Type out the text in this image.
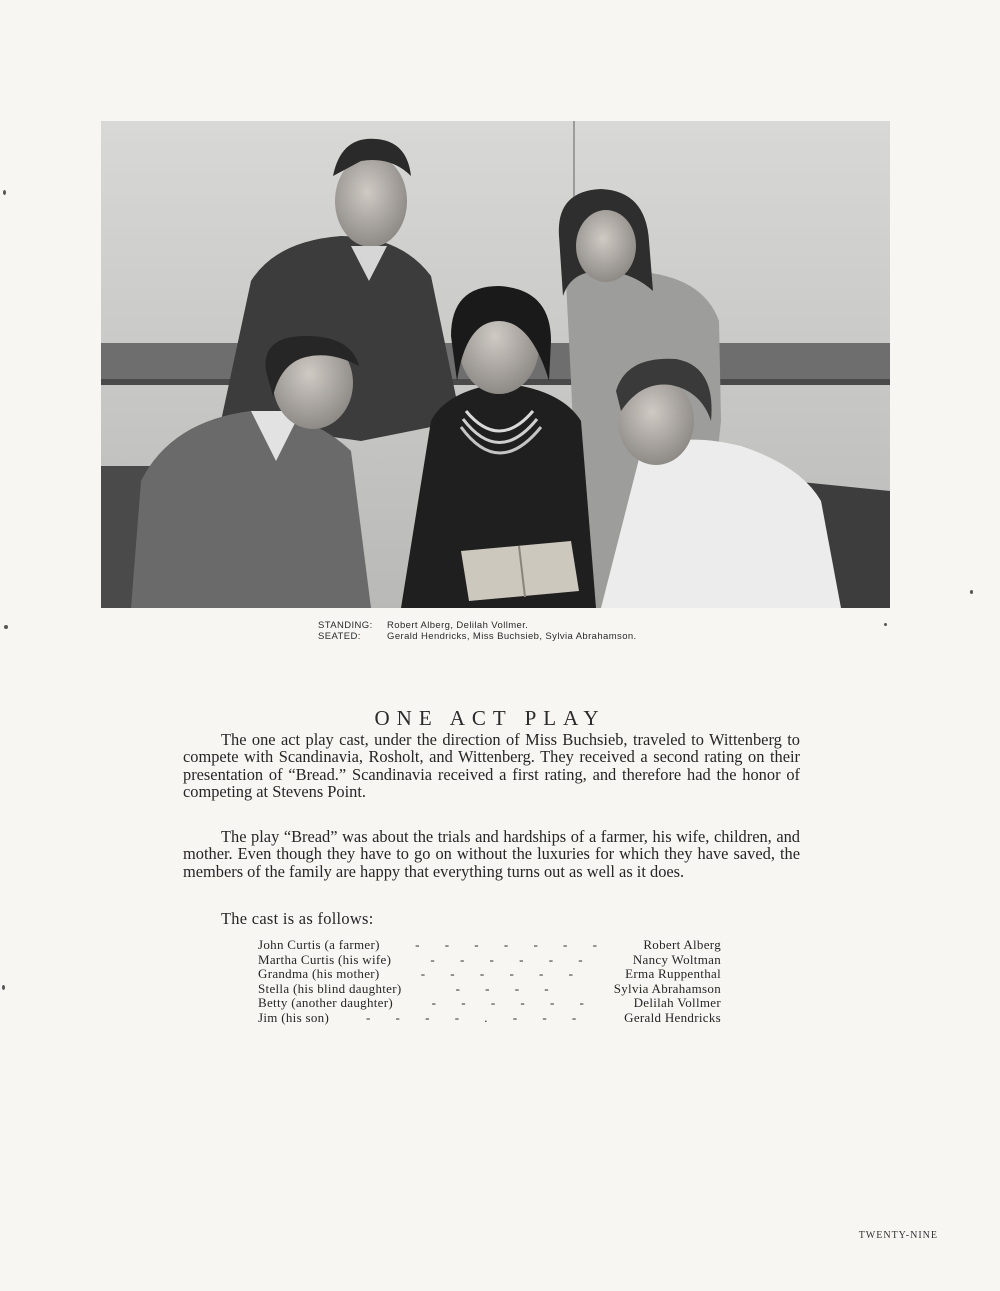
STANDING: Robert Alberg, Delilah Vollmer.
SEATED:	Gerald Hendricks, Miss Buchsieb, Sylvia Abrahamson.
ONE ACT PLAY

The one act play cast, under the direction of Miss Buchsieb, traveled to Wittenberg to compete with Scandinavia, Rosholt, and Wittenberg. They received a second rating on their presentation of “Bread.” Scandinavia received a first rating, and therefore had the honor of competing at Stevens Point.

The play “Bread” was about the trials and hardships of a farmer, his wife, children, and mother. Even though they have to go on without the luxuries for which they have saved, the members of the family are happy that everything turns out as well as it does.

The cast is as follows:
John Curtis (a farmer)	- - - - - - -	Robert Alberg
Martha Curtis (his wife)	- - - - - -	Nancy Woltman
Grandma (his mother)	- - - - - -	Erma Ruppenthal
Stella (his blind daughter)	- - - -	Sylvia Abrahamson
Betty (another daughter)	- - - - - -	Delilah Vollmer
Jim (his son)	- - - - . - - -	Gerald Hendricks
TWENTY-NINE
